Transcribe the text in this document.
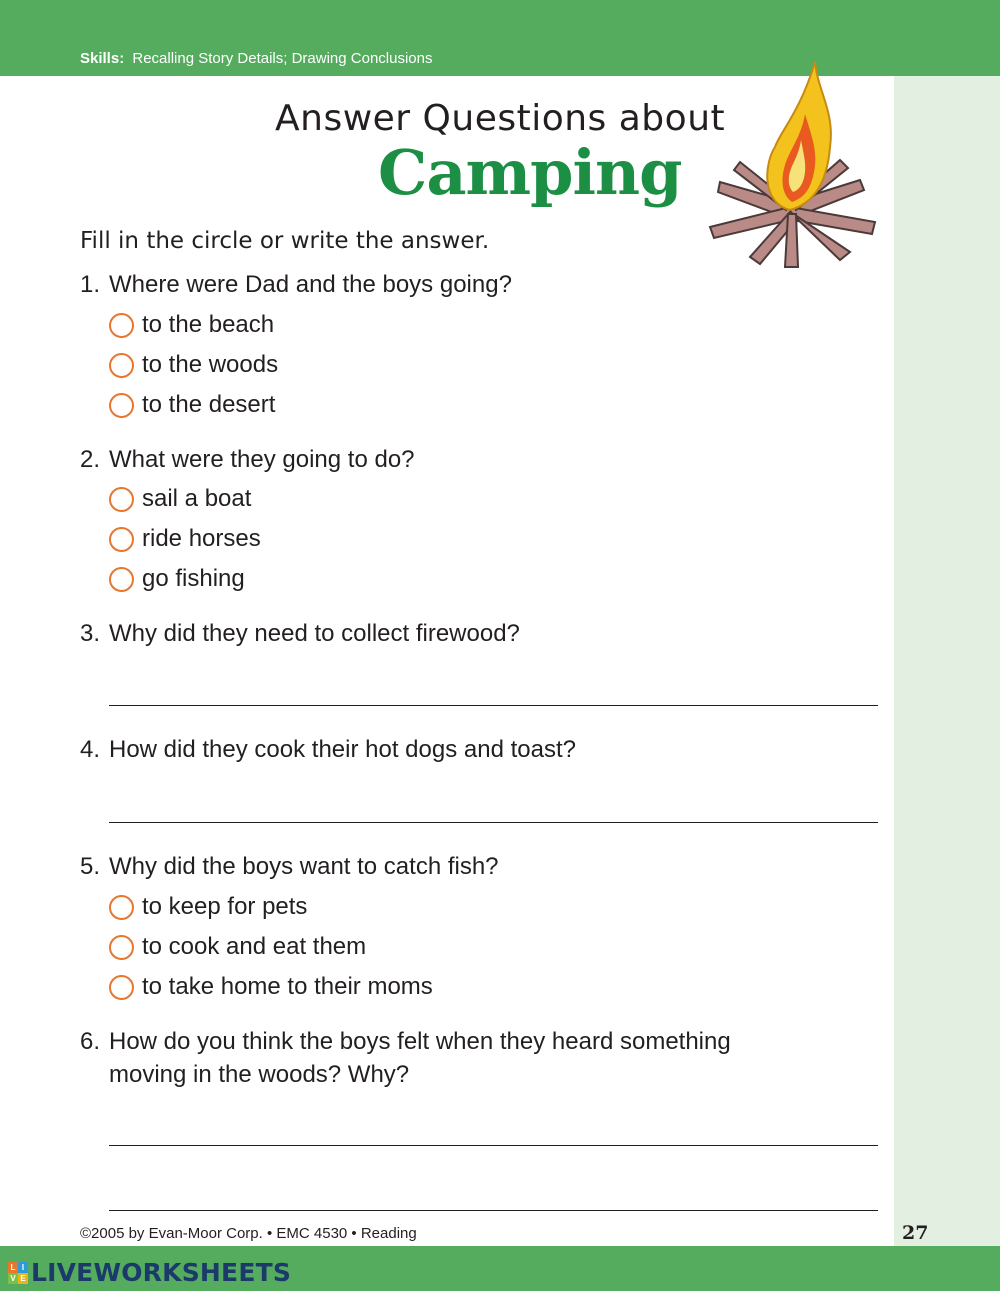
Skills: Recalling Story Details; Drawing Conclusions
Answer Questions about
Camping
Fill in the circle or write the answer.
1. Where were Dad and the boys going?
to the beach
to the woods
to the desert
2. What were they going to do?
sail a boat
ride horses
go fishing
3. Why did they need to collect firewood?
4. How did they cook their hot dogs and toast?
5. Why did the boys want to catch fish?
to keep for pets
to cook and eat them
to take home to their moms
6. How do you think the boys felt when they heard something moving in the woods? Why?
©2005 by Evan-Moor Corp. • EMC 4530 • Reading	27
L I
V E LIVEWORKSHEETS
